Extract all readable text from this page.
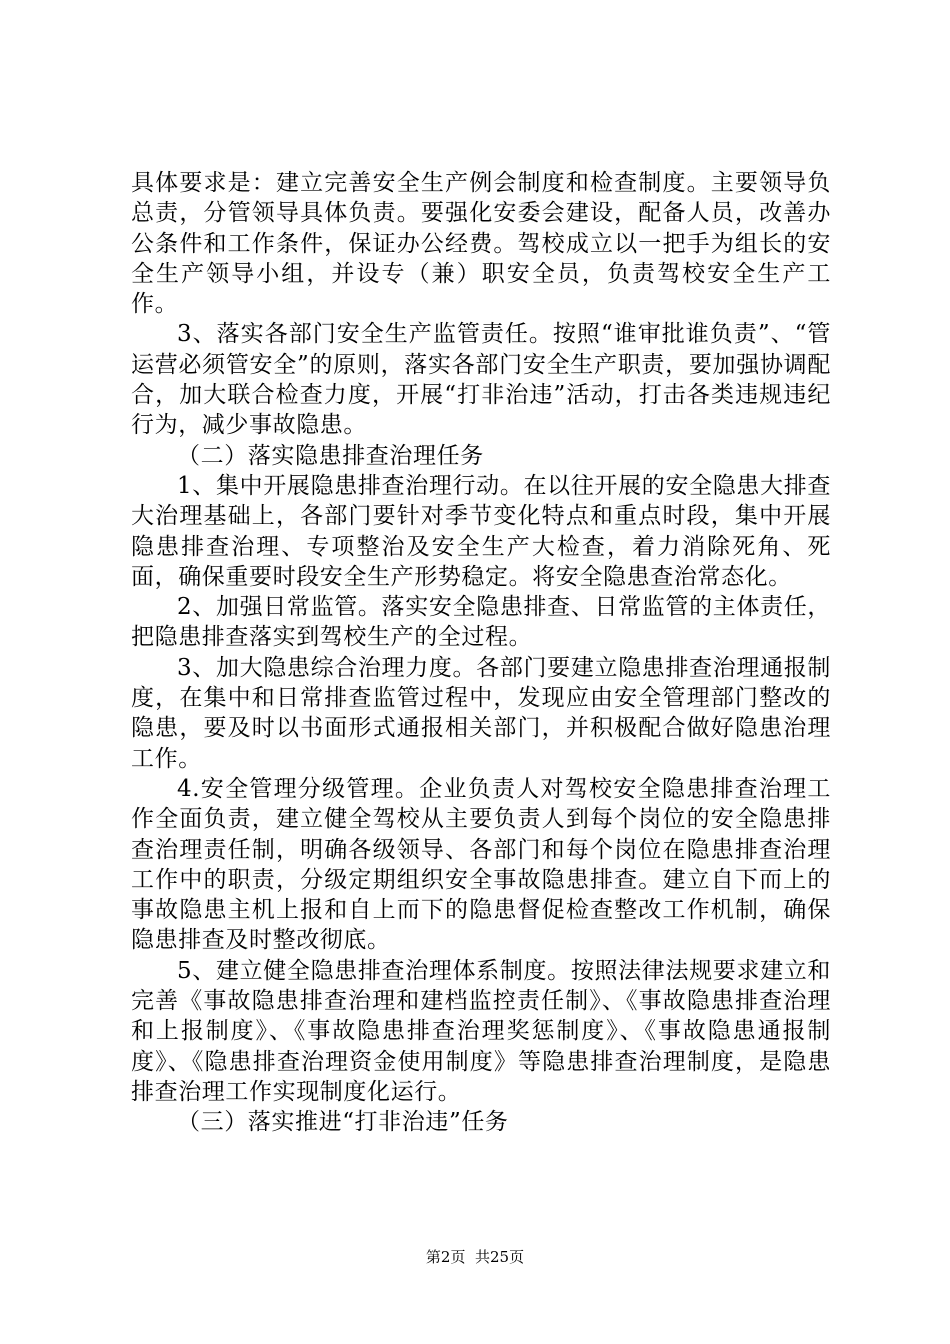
具体要求是：建立完善安全生产例会制度和检查制度。主要领导负总责，分管领导具体负责。要强化安委会建设，配备人员，改善办公条件和工作条件，保证办公经费。驾校成立以一把手为组长的安全生产领导小组，并设专（兼）职安全员，负责驾校安全生产工作。

3、落实各部门安全生产监管责任。按照“谁审批谁负责”、“管运营必须管安全”的原则，落实各部门安全生产职责，要加强协调配合，加大联合检查力度，开展“打非治违”活动，打击各类违规违纪行为，减少事故隐患。

（二）落实隐患排查治理任务

1、集中开展隐患排查治理行动。在以往开展的安全隐患大排查大治理基础上，各部门要针对季节变化特点和重点时段，集中开展隐患排查治理、专项整治及安全生产大检查，着力消除死角、死面，确保重要时段安全生产形势稳定。将安全隐患查治常态化。

2、加强日常监管。落实安全隐患排查、日常监管的主体责任，把隐患排查落实到驾校生产的全过程。

3、加大隐患综合治理力度。各部门要建立隐患排查治理通报制度，在集中和日常排查监管过程中，发现应由安全管理部门整改的隐患，要及时以书面形式通报相关部门，并积极配合做好隐患治理工作。

4.安全管理分级管理。企业负责人对驾校安全隐患排查治理工作全面负责，建立健全驾校从主要负责人到每个岗位的安全隐患排查治理责任制，明确各级领导、各部门和每个岗位在隐患排查治理工作中的职责，分级定期组织安全事故隐患排查。建立自下而上的事故隐患主机上报和自上而下的隐患督促检查整改工作机制，确保隐患排查及时整改彻底。

5、建立健全隐患排查治理体系制度。按照法律法规要求建立和完善《事故隐患排查治理和建档监控责任制》、《事故隐患排查治理和上报制度》、《事故隐患排查治理奖惩制度》、《事故隐患通报制度》、《隐患排查治理资金使用制度》等隐患排查治理制度，是隐患排查治理工作实现制度化运行。

（三）落实推进“打非治违”任务

第2页 共25页
